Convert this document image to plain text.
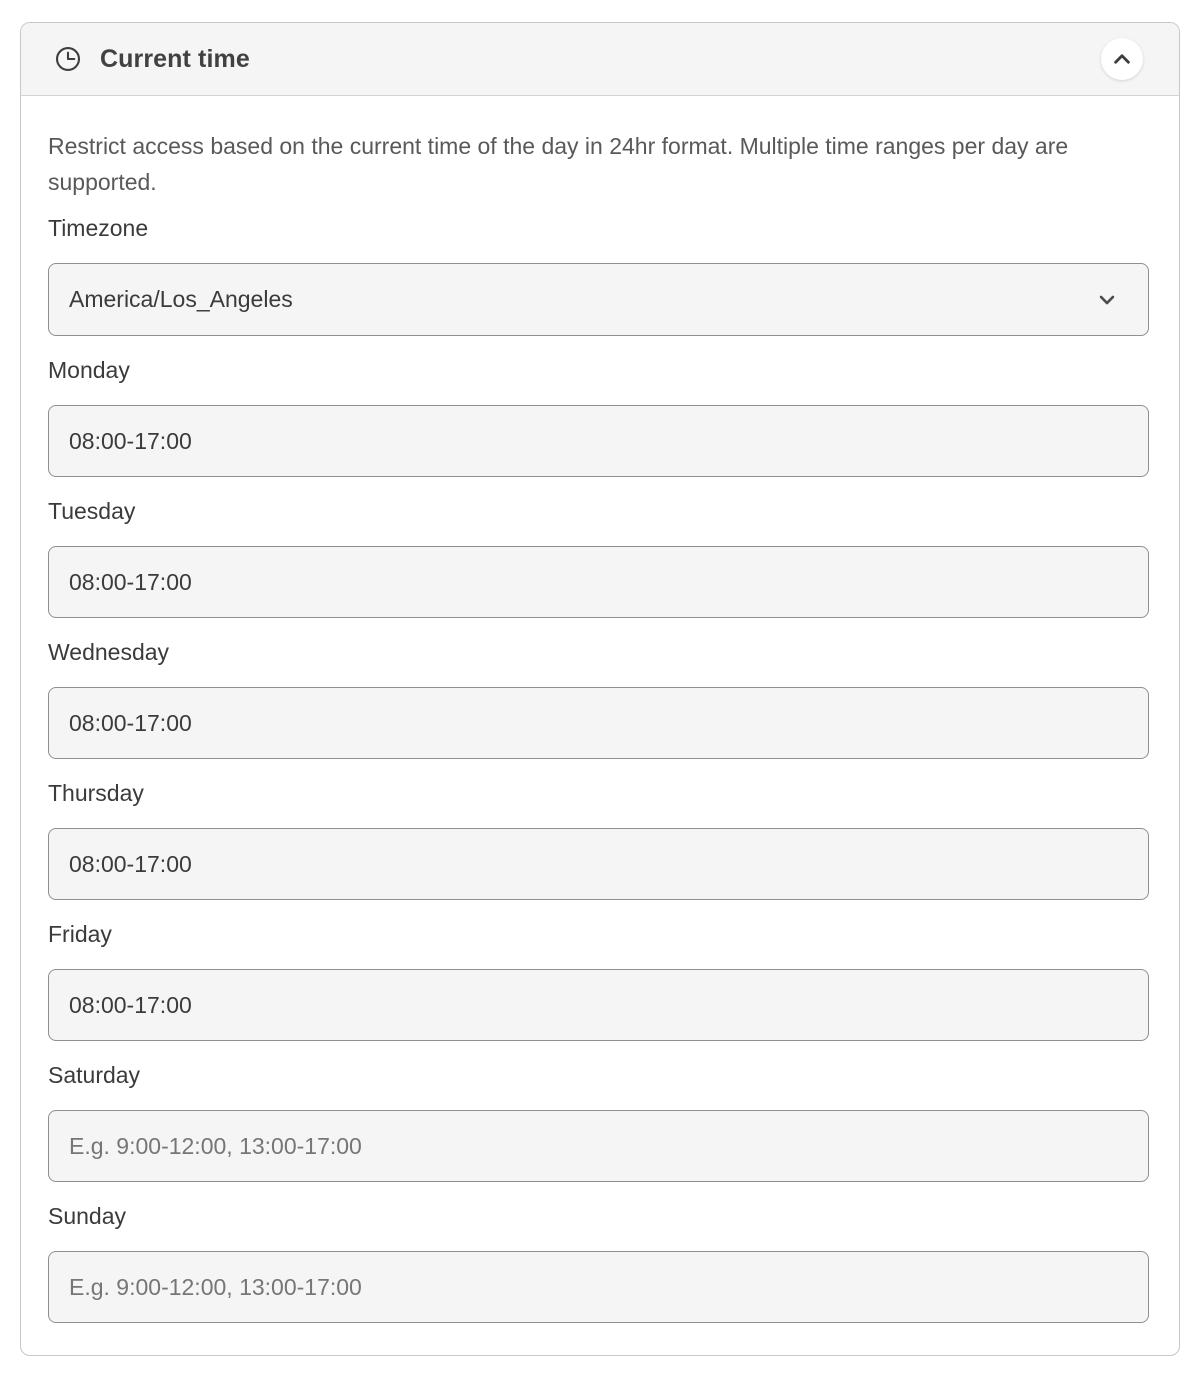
Current time

Restrict access based on the current time of the day in 24hr format. Multiple time ranges per day are supported.

Timezone
America/Los_Angeles
Monday
08:00-17:00
Tuesday
08:00-17:00
Wednesday
08:00-17:00
Thursday
08:00-17:00
Friday
08:00-17:00
Saturday
E.g. 9:00-12:00, 13:00-17:00
Sunday
E.g. 9:00-12:00, 13:00-17:00
